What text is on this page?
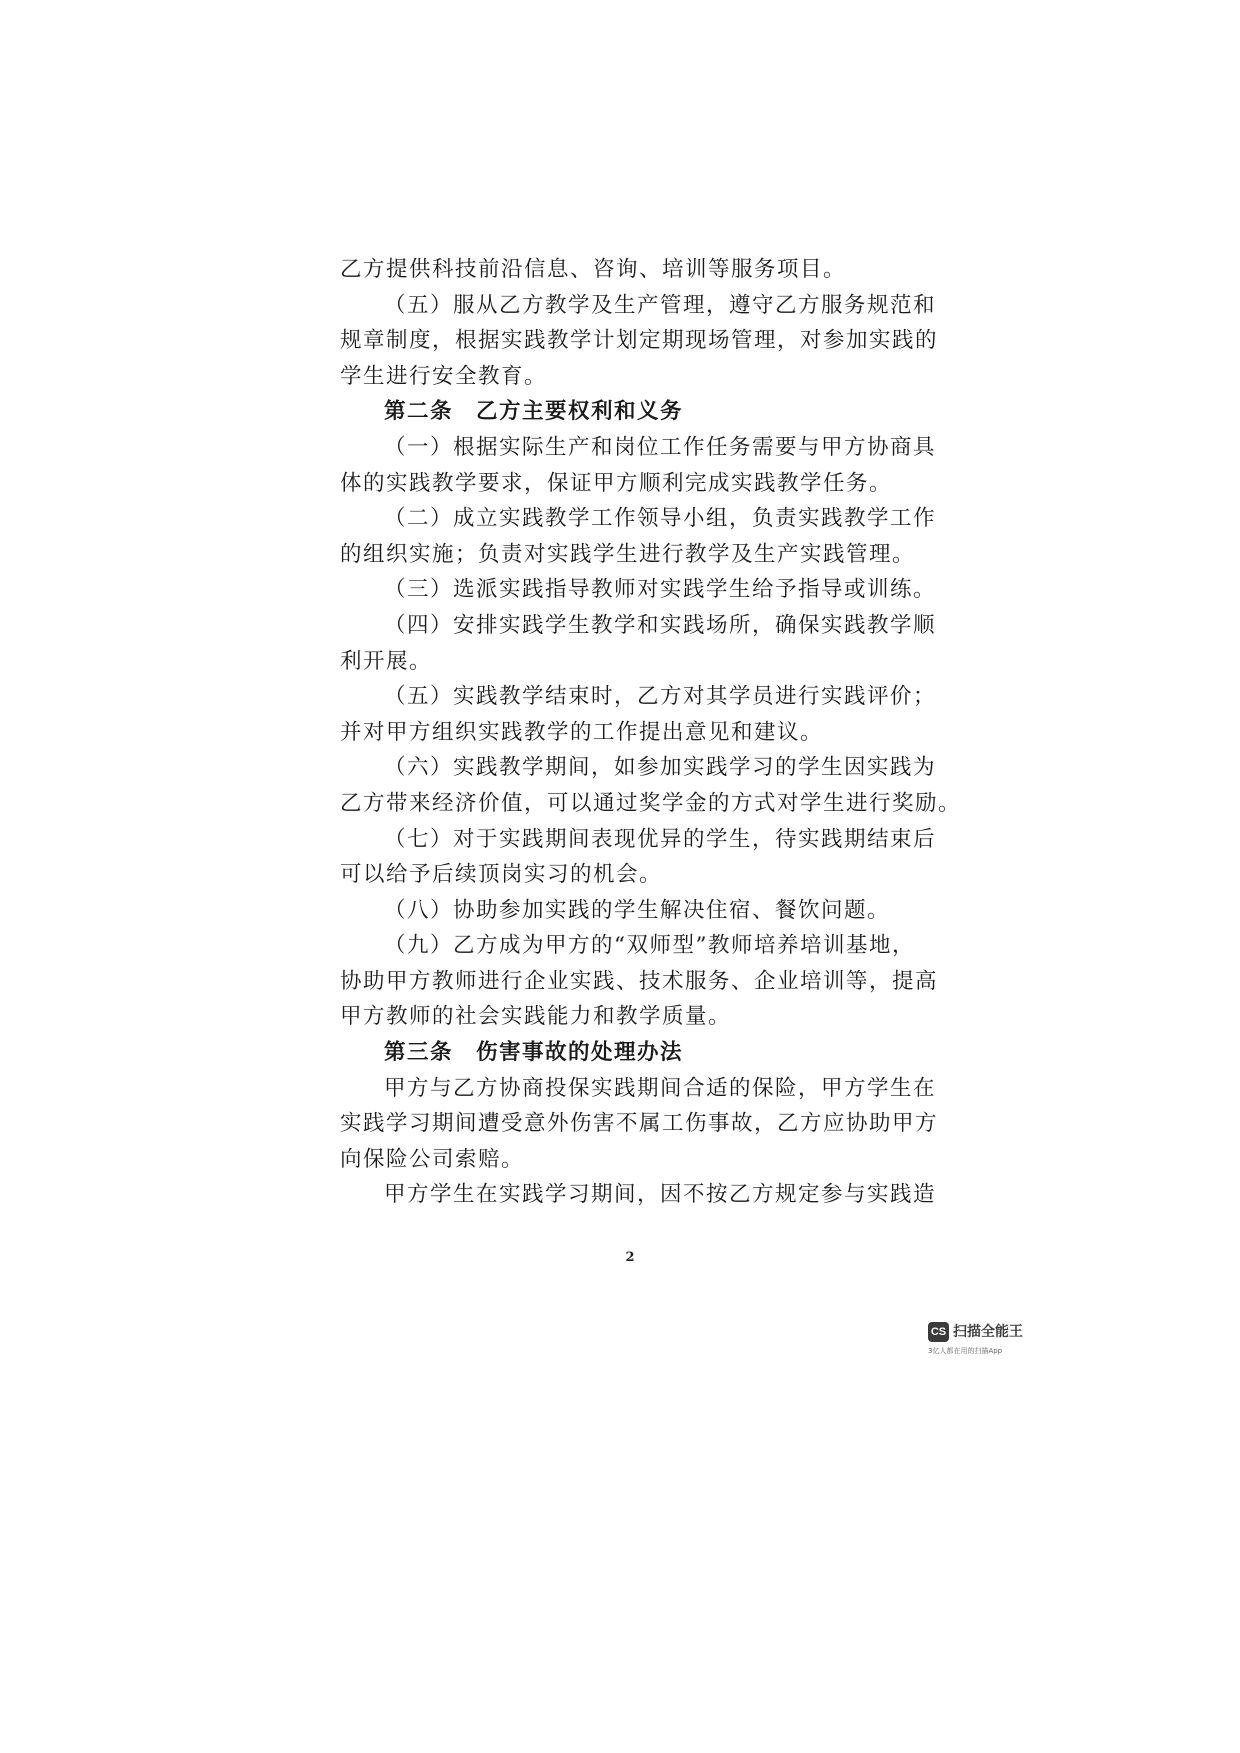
乙方提供科技前沿信息、咨询、培训等服务项目。
（五）服从乙方教学及生产管理，遵守乙方服务规范和
规章制度，根据实践教学计划定期现场管理，对参加实践的
学生进行安全教育。
第二条　乙方主要权利和义务
（一）根据实际生产和岗位工作任务需要与甲方协商具
体的实践教学要求，保证甲方顺利完成实践教学任务。
（二）成立实践教学工作领导小组，负责实践教学工作
的组织实施；负责对实践学生进行教学及生产实践管理。
（三）选派实践指导教师对实践学生给予指导或训练。
（四）安排实践学生教学和实践场所，确保实践教学顺
利开展。
（五）实践教学结束时，乙方对其学员进行实践评价；
并对甲方组织实践教学的工作提出意见和建议。
（六）实践教学期间，如参加实践学习的学生因实践为
乙方带来经济价值，可以通过奖学金的方式对学生进行奖励。
（七）对于实践期间表现优异的学生，待实践期结束后
可以给予后续顶岗实习的机会。
（八）协助参加实践的学生解决住宿、餐饮问题。
（九）乙方成为甲方的“双师型”教师培养培训基地，
协助甲方教师进行企业实践、技术服务、企业培训等，提高
甲方教师的社会实践能力和教学质量。
第三条　伤害事故的处理办法
甲方与乙方协商投保实践期间合适的保险，甲方学生在
实践学习期间遭受意外伤害不属工伤事故，乙方应协助甲方
向保险公司索赔。
甲方学生在实践学习期间，因不按乙方规定参与实践造
2
CS 扫描全能王
3亿人都在用的扫描App
